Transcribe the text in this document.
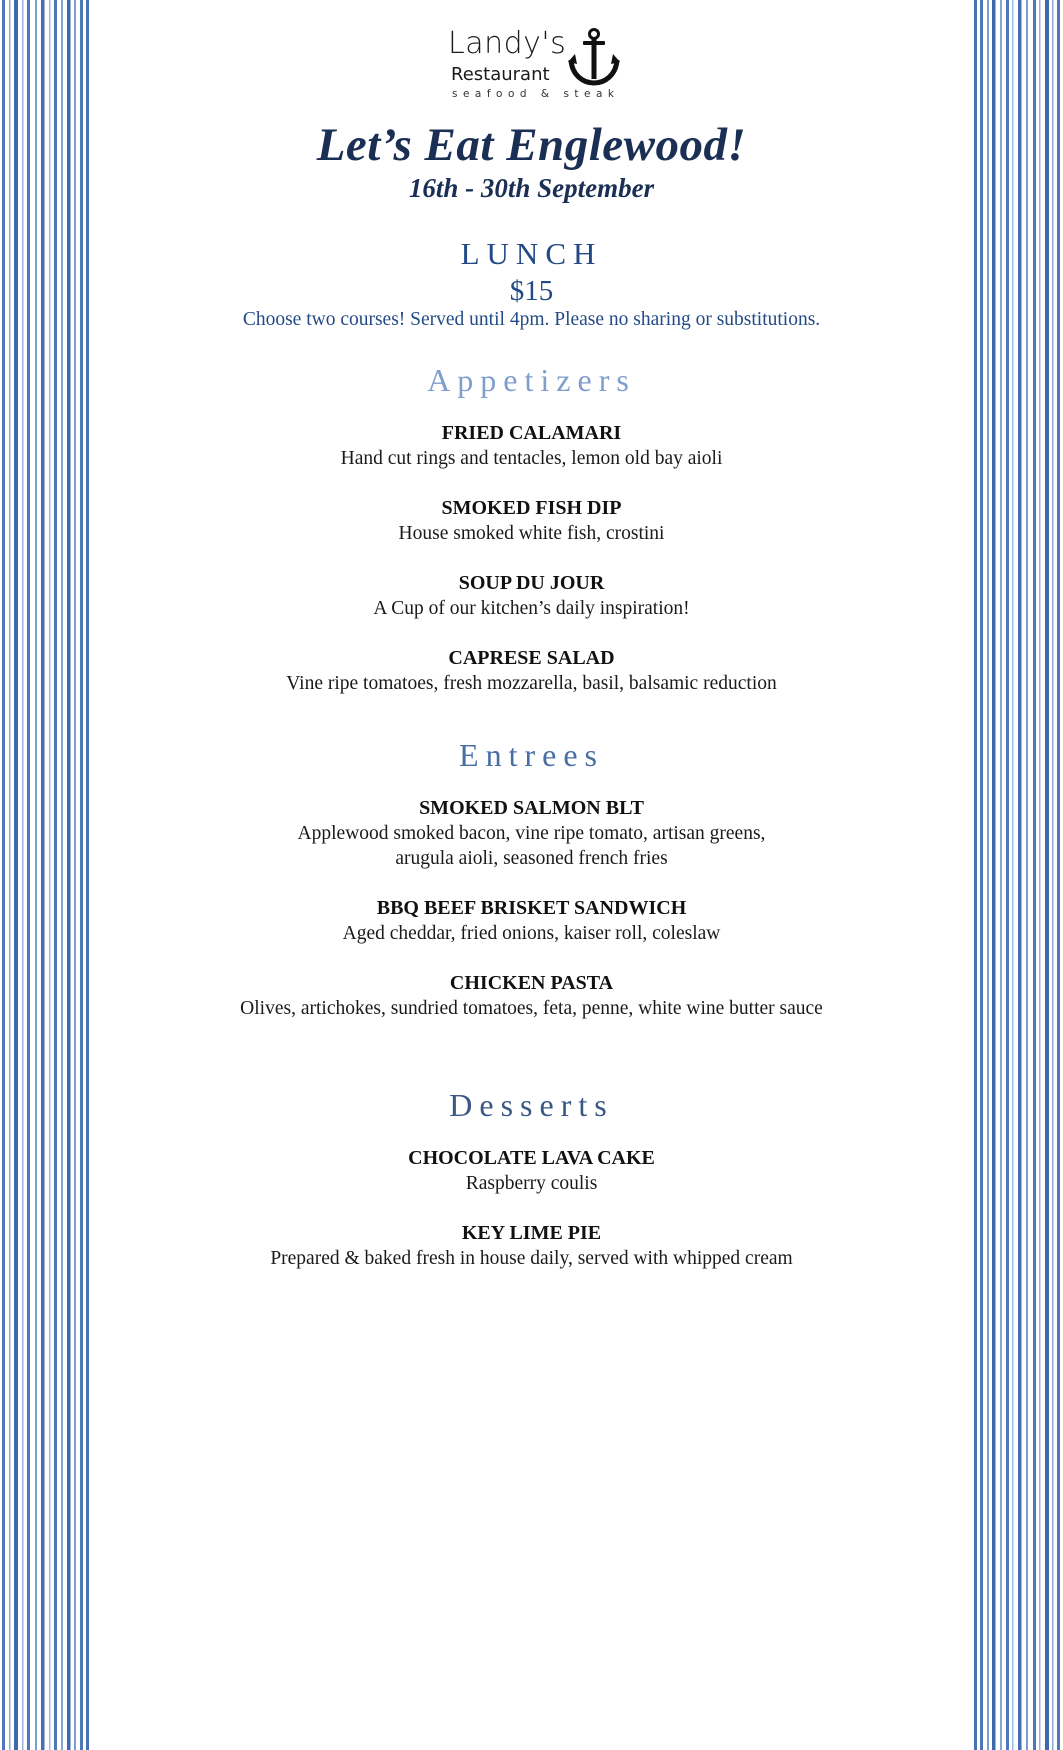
Landy's
Restaurant
seafood & steak
Let’s Eat Englewood!
16th - 30th September
LUNCH
$15
Choose two courses! Served until 4pm. Please no sharing or substitutions.
Appetizers
FRIED CALAMARI
Hand cut rings and tentacles, lemon old bay aioli
SMOKED FISH DIP
House smoked white fish, crostini
SOUP DU JOUR
A Cup of our kitchen’s daily inspiration!
CAPRESE SALAD
Vine ripe tomatoes, fresh mozzarella, basil, balsamic reduction
Entrees
SMOKED SALMON BLT
Applewood smoked bacon, vine ripe tomato, artisan greens,
arugula aioli, seasoned french fries
BBQ BEEF BRISKET SANDWICH
Aged cheddar, fried onions, kaiser roll, coleslaw
CHICKEN PASTA
Olives, artichokes, sundried tomatoes, feta, penne, white wine butter sauce
Desserts
CHOCOLATE LAVA CAKE
Raspberry coulis
KEY LIME PIE
Prepared & baked fresh in house daily, served with whipped cream
